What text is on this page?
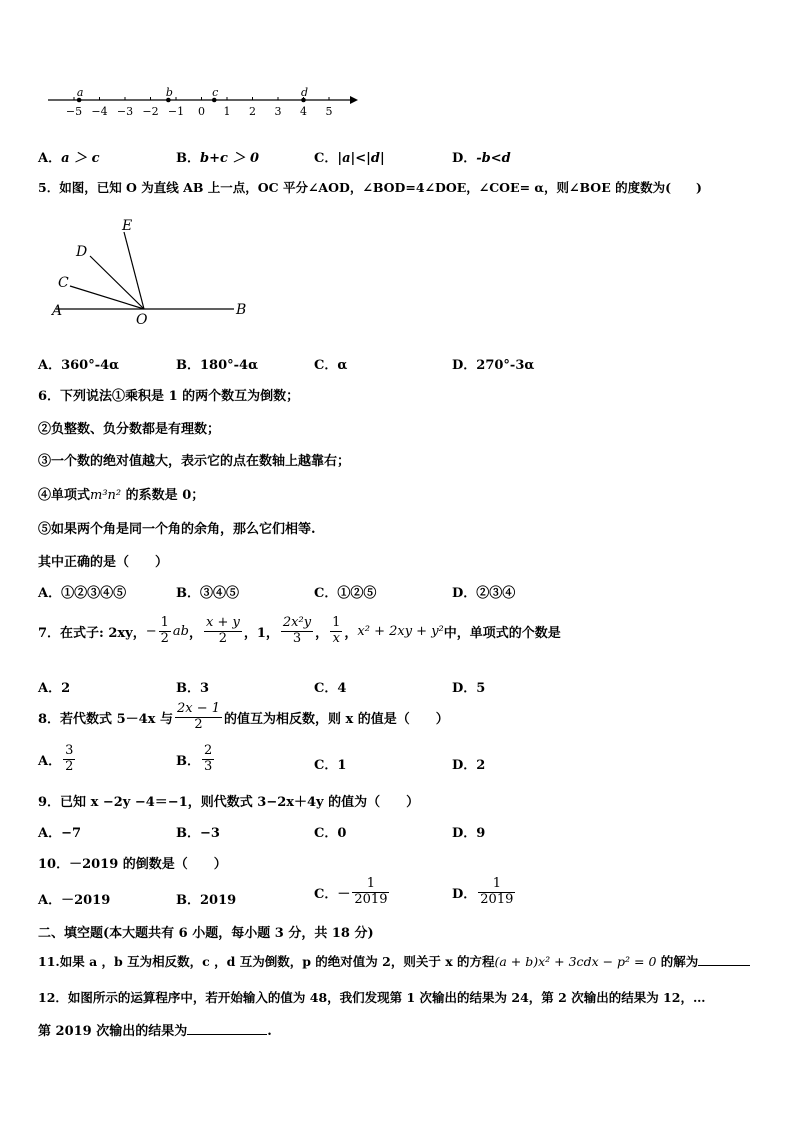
−5 −4 −3 −2 −1 0 1 2 3 4 5
a	b	c	d
A．a ＞ c	B．b+c ＞ 0	C．|a|<|d|	D．-b<d
5．如图，已知 O 为直线 AB 上一点，OC 平分∠AOD，∠BOD=4∠DOE，∠COE= α，则∠BOE 的度数为(　　)
E
D
C
A
O
B
A．360°-4α	B．180°-4α	C．α	D．270°-3α
6．下列说法①乘积是 1 的两个数互为倒数；
②负整数、负分数都是有理数；
③一个数的绝对值越大，表示它的点在数轴上越靠右；
④单项式m³n² 的系数是 0；
⑤如果两个角是同一个角的余角，那么它们相等.
其中正确的是（　　）
A．①②③④⑤	B．③④⑤	C．①②⑤	D．②③④
7．在式子: 2xy， − $\frac{1}{2}$ ab ， $\frac{x + y}{2}$ ，1， $\frac{\text{2x²y}}{3}$ ， $\frac{1}{x}$ ， x² + 2xy + y² 中，单项式的个数是
A．2	B．3	C．4	D．5
8．若代数式 5－4x 与 $\frac{2x - 1}{2}$ 的值互为相反数，则 x 的值是（　　）
A． $\frac{3}{2}$	B． $\frac{2}{3}$	C．1	D．2
9．已知 x −2y −4＝−1，则代数式 3−2x＋4y 的值为（　　）
A．−7	B．−3	C．0	D．9
10．－2019 的倒数是（　　）
A．－2019	B．2019	C． － $\frac{1}{2019}$	D． $\frac{1}{2019}$
二、填空题(本大题共有 6 小题，每小题 3 分，共 18 分)
11.如果 a ，b 互为相反数，c ，d 互为倒数，p 的绝对值为 2，则关于 x 的方程(a + b)x² + 3cdx − p² = 0 的解为
12．如图所示的运算程序中，若开始输入的值为 48，我们发现第 1 次输出的结果为 24，第 2 次输出的结果为 12，…
第 2019 次输出的结果为	.
